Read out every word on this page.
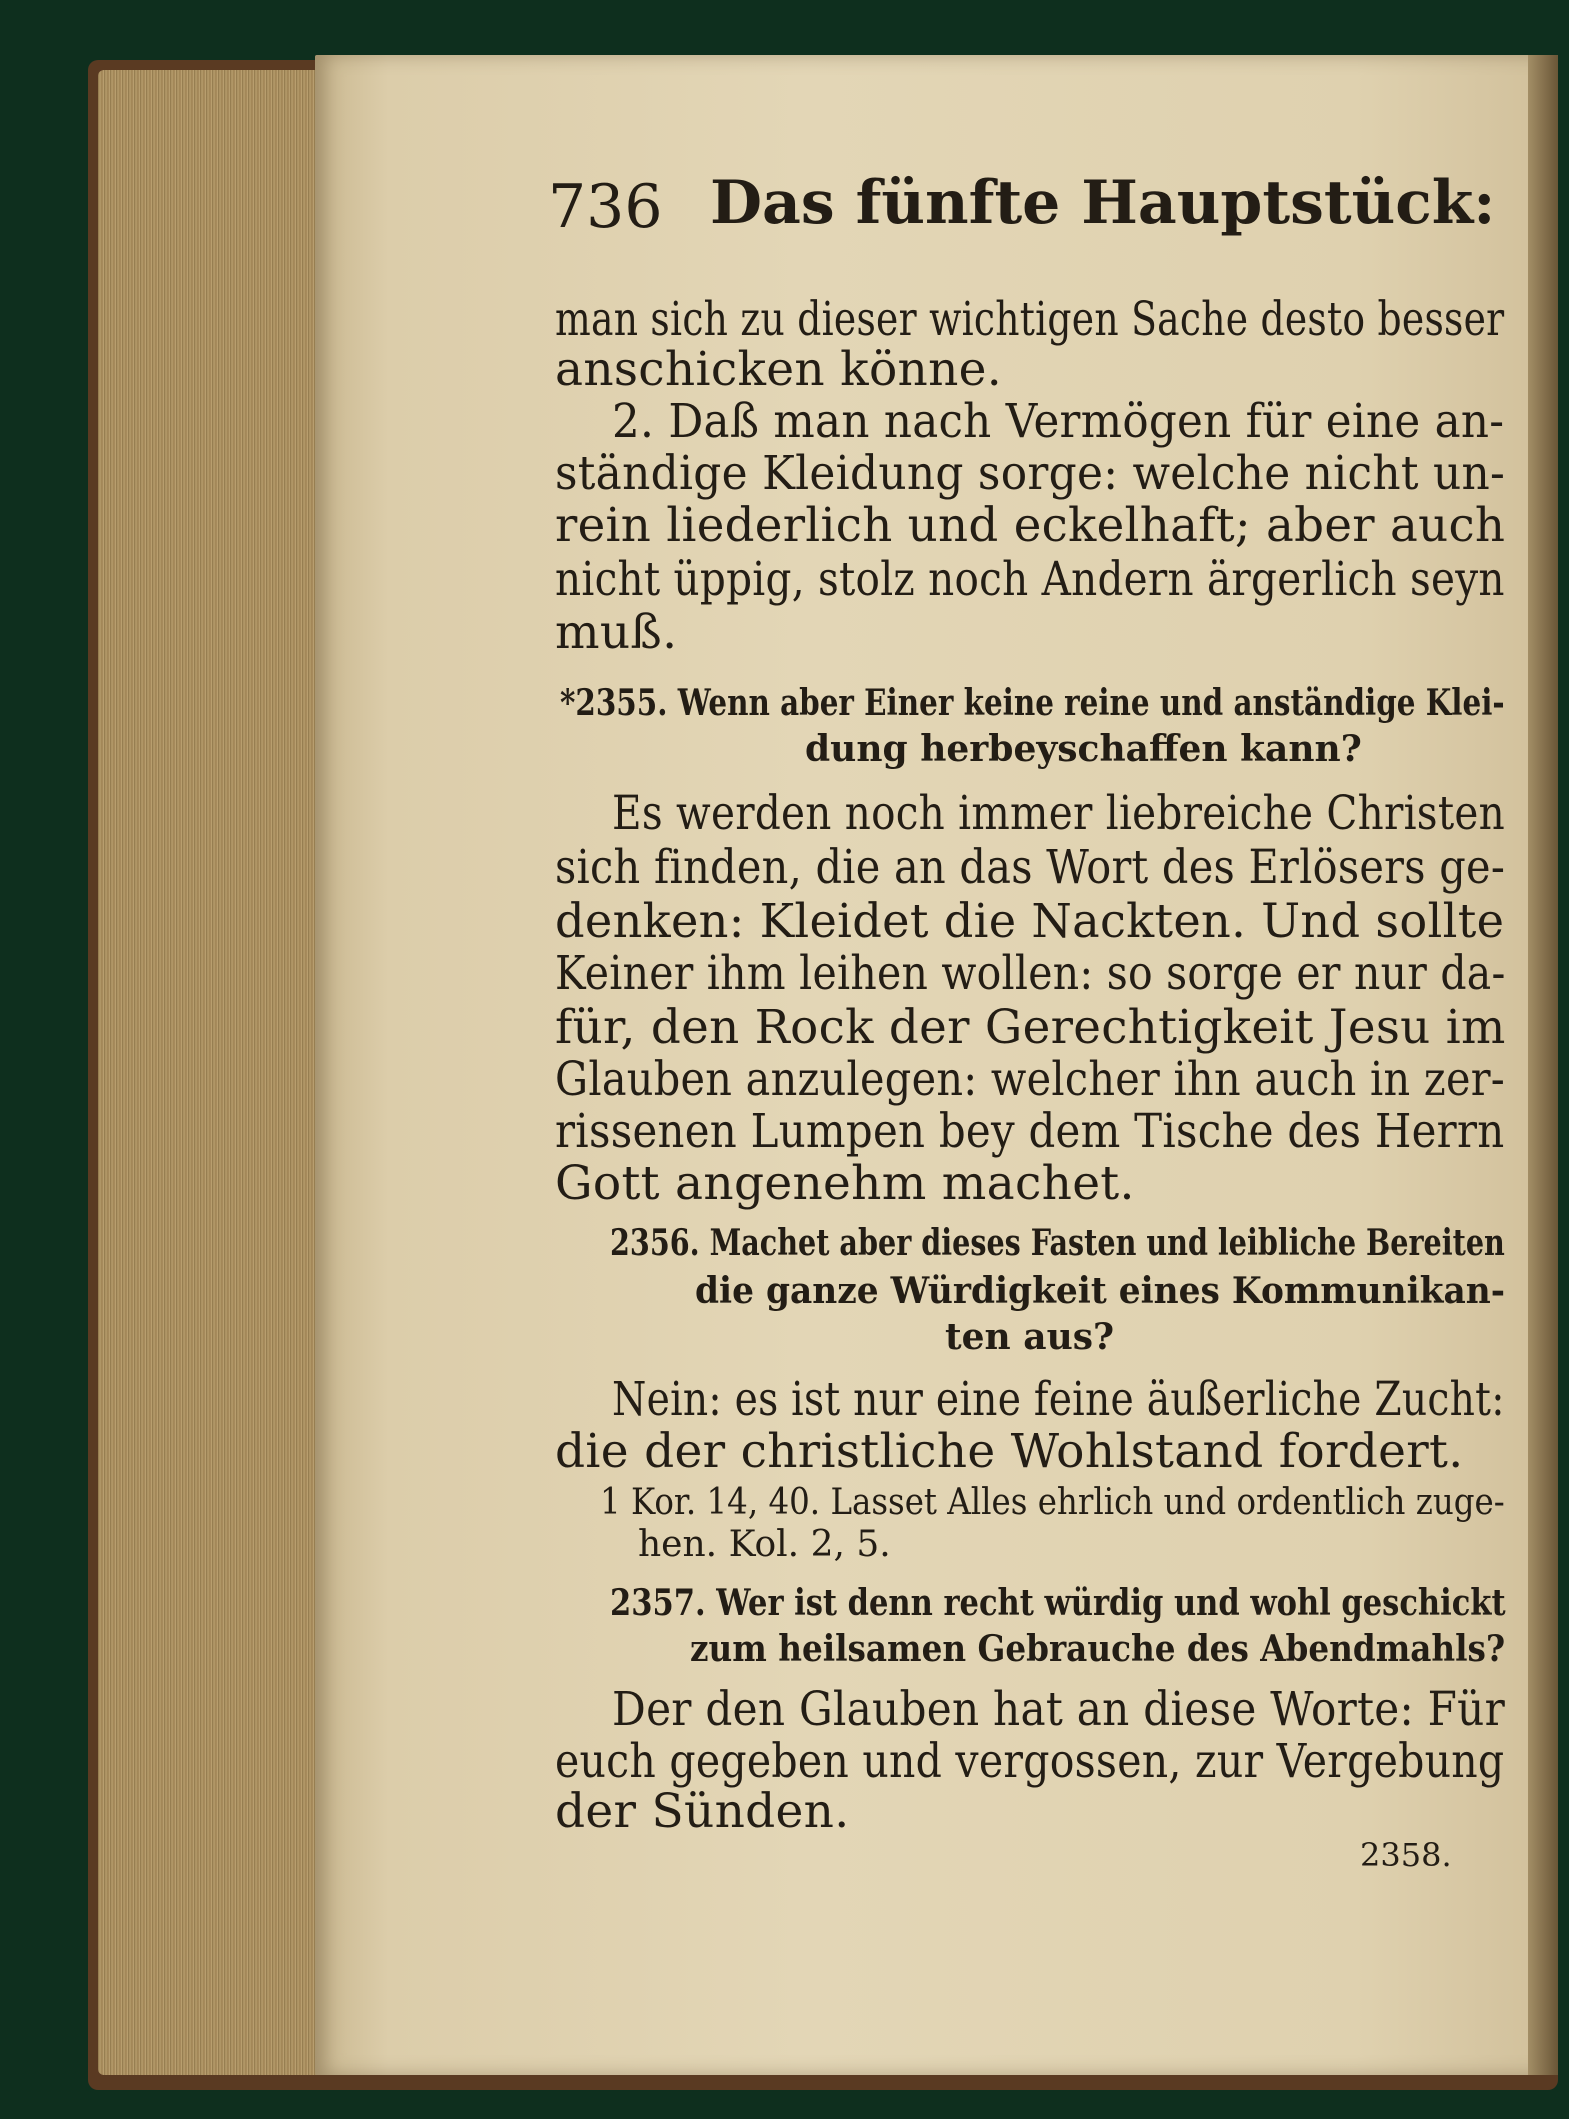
736 Das fünfte Hauptstück:
man sich zu dieser wichtigen Sache desto besser
anschicken könne.
2. Daß man nach Vermögen für eine an-
ständige Kleidung sorge: welche nicht un-
rein liederlich und eckelhaft; aber auch
nicht üppig, stolz noch Andern ärgerlich seyn
muß.
*2355. Wenn aber Einer keine reine und anständige Klei-
dung herbeyschaffen kann?
Es werden noch immer liebreiche Christen
sich finden, die an das Wort des Erlösers ge-
denken: Kleidet die Nackten. Und sollte
Keiner ihm leihen wollen: so sorge er nur da-
für, den Rock der Gerechtigkeit Jesu im
Glauben anzulegen: welcher ihn auch in zer-
rissenen Lumpen bey dem Tische des Herrn
Gott angenehm machet.
2356. Machet aber dieses Fasten und leibliche Bereiten
die ganze Würdigkeit eines Kommunikan-
ten aus?
Nein: es ist nur eine feine äußerliche Zucht:
die der christliche Wohlstand fordert.
1 Kor. 14, 40. Lasset Alles ehrlich und ordentlich zuge-
hen. Kol. 2, 5.
2357. Wer ist denn recht würdig und wohl geschickt
zum heilsamen Gebrauche des Abendmahls?
Der den Glauben hat an diese Worte: Für
euch gegeben und vergossen, zur Vergebung
der Sünden.
2358.
